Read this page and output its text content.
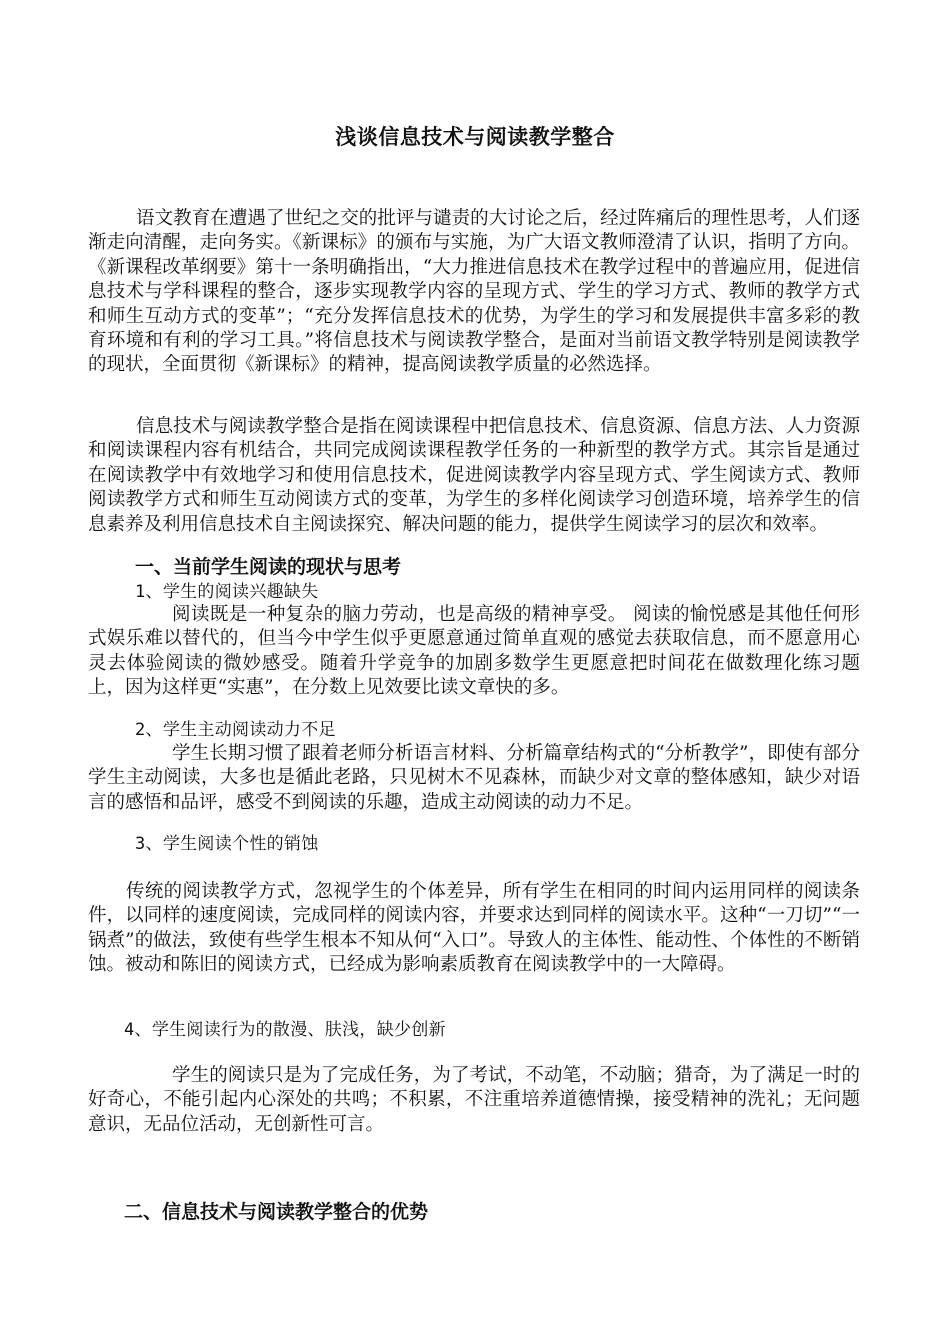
浅谈信息技术与阅读教学整合

语文教育在遭遇了世纪之交的批评与谴责的大讨论之后，经过阵痛后的理性思考，人们逐渐走向清醒，走向务实。《新课标》的颁布与实施，为广大语文教师澄清了认识，指明了方向。《新课程改革纲要》第十一条明确指出，“大力推进信息技术在教学过程中的普遍应用，促进信息技术与学科课程的整合，逐步实现教学内容的呈现方式、学生的学习方式、教师的教学方式和师生互动方式的变革”；“充分发挥信息技术的优势，为学生的学习和发展提供丰富多彩的教育环境和有利的学习工具。”将信息技术与阅读教学整合，是面对当前语文教学特别是阅读教学的现状，全面贯彻《新课标》的精神，提高阅读教学质量的必然选择。

信息技术与阅读教学整合是指在阅读课程中把信息技术、信息资源、信息方法、人力资源和阅读课程内容有机结合，共同完成阅读课程教学任务的一种新型的教学方式。其宗旨是通过在阅读教学中有效地学习和使用信息技术，促进阅读教学内容呈现方式、学生阅读方式、教师阅读教学方式和师生互动阅读方式的变革，为学生的多样化阅读学习创造环境，培养学生的信息素养及利用信息技术自主阅读探究、解决问题的能力，提供学生阅读学习的层次和效率。

一、当前学生阅读的现状与思考
1、学生的阅读兴趣缺失

阅读既是一种复杂的脑力劳动，也是高级的精神享受。 阅读的愉悦感是其他任何形式娱乐难以替代的，但当今中学生似乎更愿意通过简单直观的感觉去获取信息，而不愿意用心灵去体验阅读的微妙感受。随着升学竞争的加剧多数学生更愿意把时间花在做数理化练习题上，因为这样更“实惠”，在分数上见效要比读文章快的多。

2、学生主动阅读动力不足

学生长期习惯了跟着老师分析语言材料、分析篇章结构式的“分析教学”，即使有部分学生主动阅读，大多也是循此老路，只见树木不见森林，而缺少对文章的整体感知，缺少对语言的感悟和品评，感受不到阅读的乐趣，造成主动阅读的动力不足。

3、学生阅读个性的销蚀

传统的阅读教学方式，忽视学生的个体差异，所有学生在相同的时间内运用同样的阅读条件，以同样的速度阅读，完成同样的阅读内容，并要求达到同样的阅读水平。这种“一刀切”“一锅煮”的做法，致使有些学生根本不知从何“入口”。导致人的主体性、能动性、个体性的不断销蚀。被动和陈旧的阅读方式，已经成为影响素质教育在阅读教学中的一大障碍。

4、学生阅读行为的散漫、肤浅，缺少创新

学生的阅读只是为了完成任务，为了考试，不动笔，不动脑；猎奇，为了满足一时的好奇心，不能引起内心深处的共鸣；不积累，不注重培养道德情操，接受精神的洗礼；无问题意识，无品位活动，无创新性可言。

二、信息技术与阅读教学整合的优势
